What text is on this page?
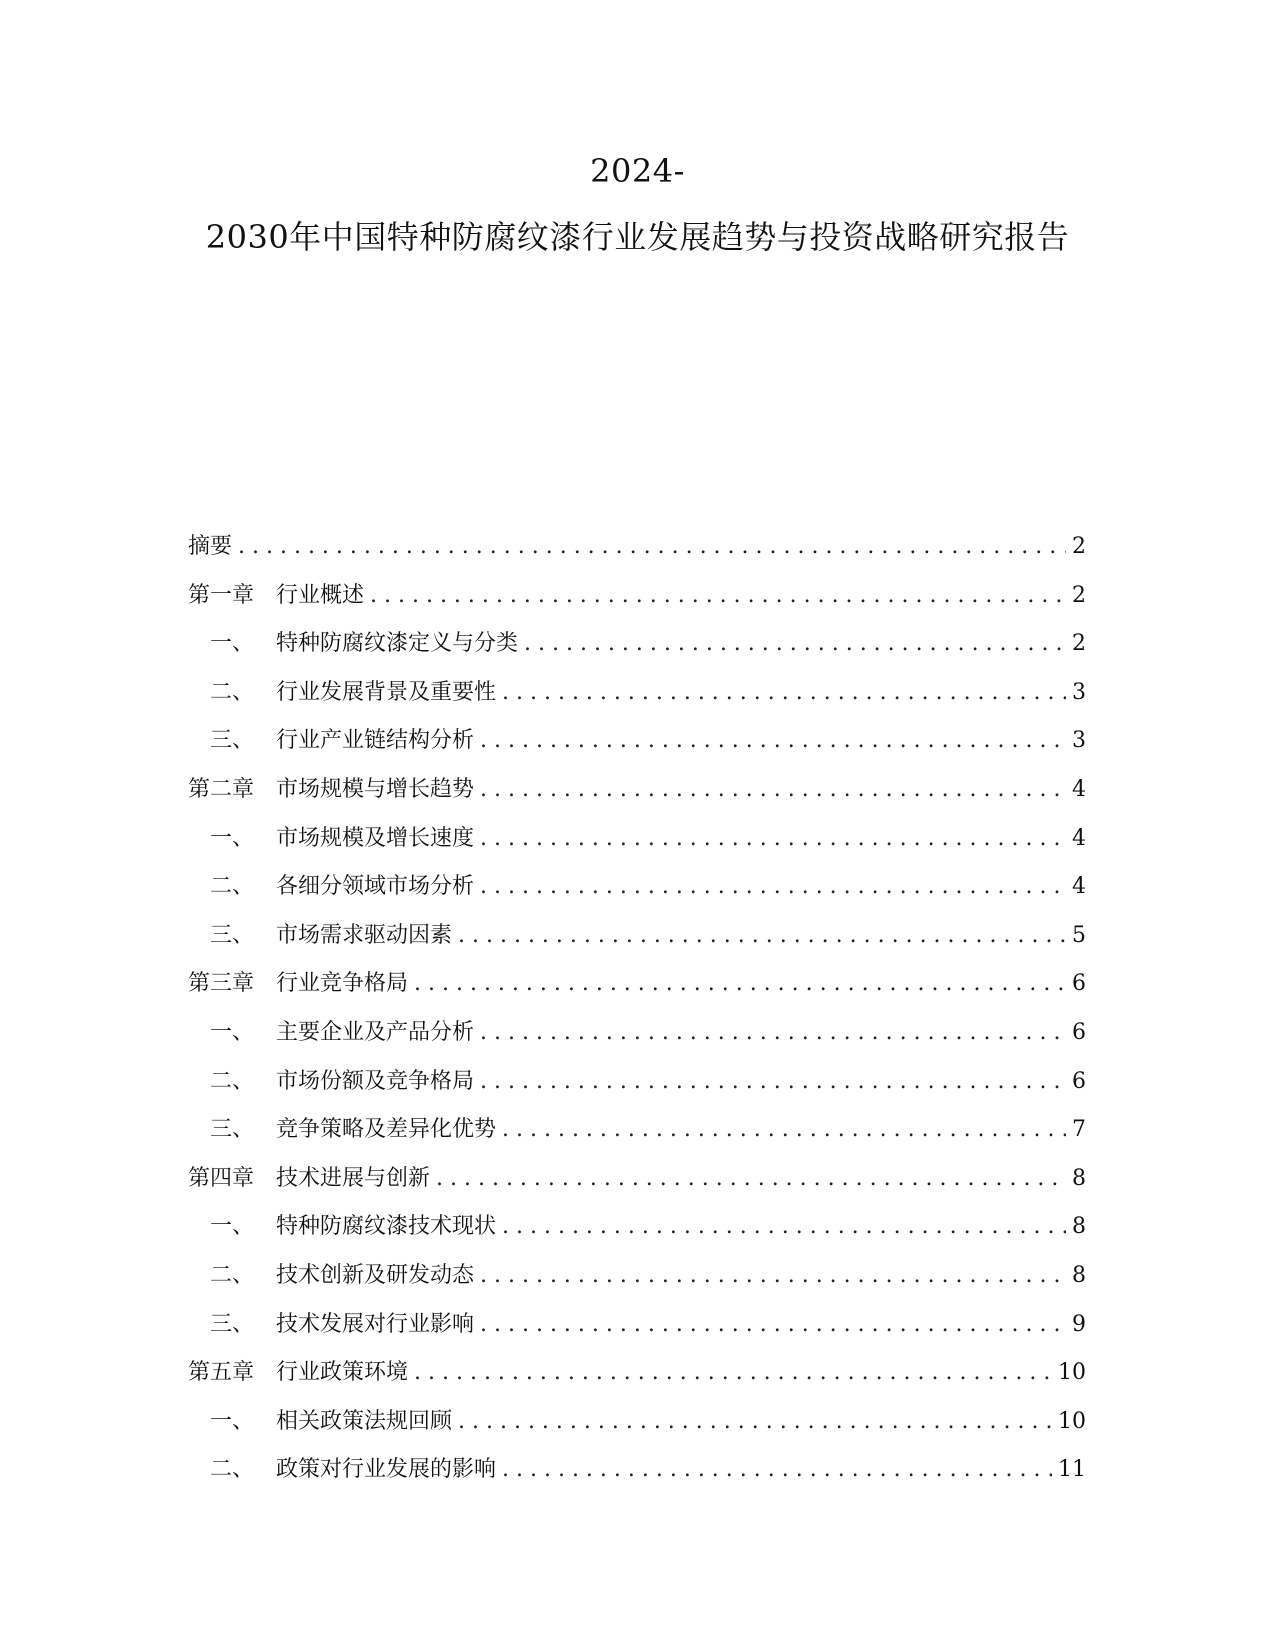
2024-
2030年中国特种防腐纹漆行业发展趋势与投资战略研究报告
摘要 . . .	2
第一章 行业概述 . . .	2
一、 特种防腐纹漆定义与分类 . . .	2
二、 行业发展背景及重要性 . . .	3
三、 行业产业链结构分析 . . .	3
第二章 市场规模与增长趋势 . . .	4
一、 市场规模及增长速度 . . .	4
二、 各细分领域市场分析 . . .	4
三、 市场需求驱动因素 . . .	5
第三章 行业竞争格局 . . .	6
一、 主要企业及产品分析 . . .	6
二、 市场份额及竞争格局 . . .	6
三、 竞争策略及差异化优势 . . .	7
第四章 技术进展与创新 . . .	8
一、 特种防腐纹漆技术现状 . . .	8
二、 技术创新及研发动态 . . .	8
三、 技术发展对行业影响 . . .	9
第五章 行业政策环境 . . .	10
一、 相关政策法规回顾 . . .	10
二、 政策对行业发展的影响 . . .	11
